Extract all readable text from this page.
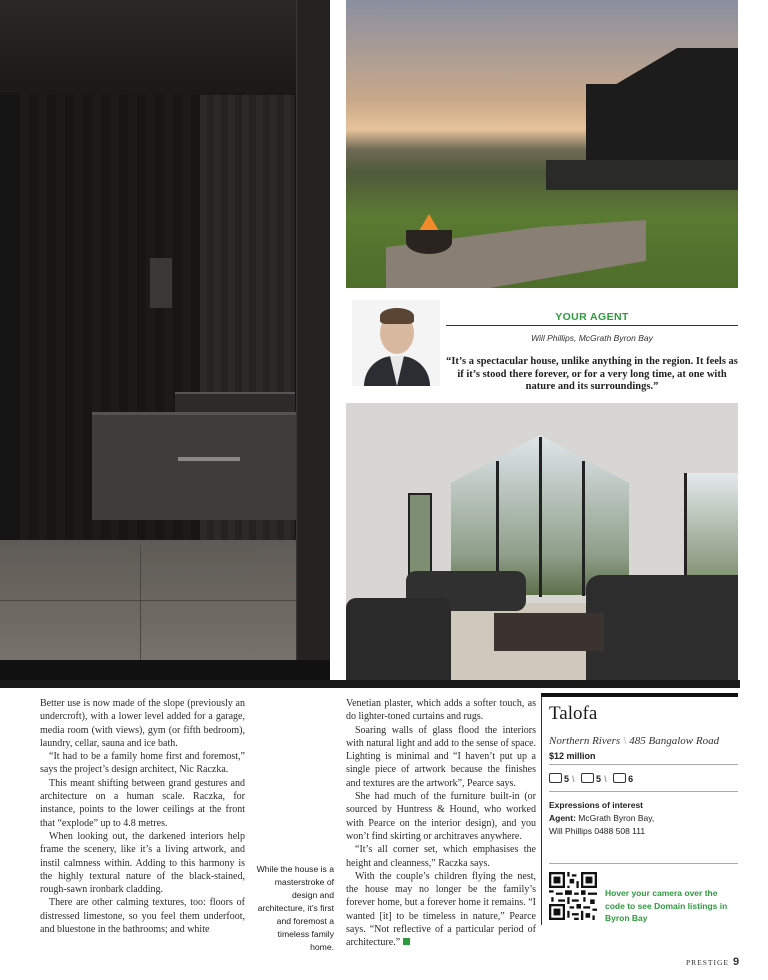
YOUR AGENT
Will Phillips, McGrath Byron Bay
“It’s a spectacular house, unlike anything in the region. It feels as if it’s stood there forever, or for a very long time, at one with nature and its surroundings.”

Better use is now made of the slope (previously an undercroft), with a lower level added for a garage, media room (with views), gym (or fifth bedroom), laundry, cellar, sauna and ice bath.

“It had to be a family home first and foremost,” says the project’s design architect, Nic Raczka.

This meant shifting between grand gestures and architecture on a human scale. Raczka, for instance, points to the lower ceilings at the front that “explode” up to 4.8 metres.

When looking out, the darkened interiors help frame the scenery, like it’s a living artwork, and instil calmness within. Adding to this harmony is the highly textural nature of the black-stained, rough-sawn ironbark cladding.

There are other calming textures, too: floors of distressed limestone, so you feel them underfoot, and bluestone in the bathrooms; and white

While the house is a masterstroke of design and architecture, it’s first and foremost a timeless family home.

Venetian plaster, which adds a softer touch, as do lighter-toned curtains and rugs.

Soaring walls of glass flood the interiors with natural light and add to the sense of space. Lighting is minimal and “I haven’t put up a single piece of artwork because the finishes and textures are the artwork”, Pearce says.

She had much of the furniture built-in (or sourced by Huntress & Hound, who worked with Pearce on the interior design), and you won’t find skirting or architraves anywhere.

“It’s all corner set, which emphasises the height and cleanness,” Raczka says.

With the couple’s children flying the nest, the house may no longer be the family’s forever home, but a forever home it remains. “I wanted [it] to be timeless in nature,” Pearce says. “Not reflective of a particular period of architecture.”

Talofa
Northern Rivers \ 485 Bangalow Road
$12 million
5 \ 5 \ 6
Expressions of interest
Agent: McGrath Byron Bay,
Will Phillips 0488 508 111
Hover your camera over the code to see Domain listings in Byron Bay
PRESTIGE 9
